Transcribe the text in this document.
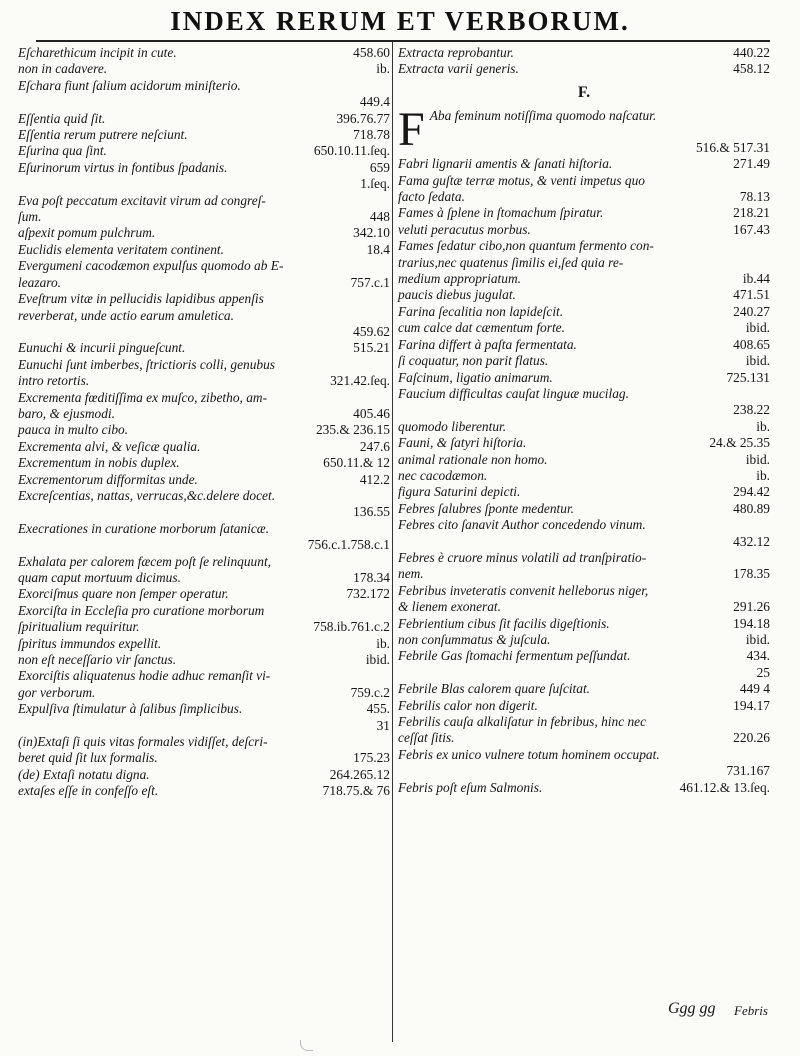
INDEX RERUM ET VERBORUM.
Eſcharethicum incipit in cute.	458.60
non in cadavere.	ib.
Eſchara fiunt ſalium acidorum miniſterio.
449.4
Eſſentia quid ſit.	396.76.77
Eſſentia rerum putrere neſciunt.	718.78
Eſurina qua ſint.	650.10.11.ſeq.
Eſurinorum virtus in fontibus ſpadanis.	659
1.ſeq.
Eva poſt peccatum excitavit virum ad congreſ-
ſum.	448
aſpexit pomum pulchrum.	342.10
Euclidis elementa veritatem continent.	18.4
Evergumeni cacodæmon expulſus quomodo ab E-
leazaro.	757.c.1
Eveſtrum vitæ in pellucidis lapidibus appenſis
reverberat, unde actio earum amuletica.
459.62
Eunuchi & incurii pingueſcunt.	515.21
Eunuchi ſunt imberbes, ſtrictioris colli, genubus
intro retortis.	321.42.ſeq.
Excrementa fœditiſſima ex muſco, zibetho, am-
baro, & ejusmodi.	405.46
pauca in multo cibo.	235.& 236.15
Excrementa alvi, & veſicæ qualia.	247.6
Excrementum in nobis duplex.	650.11.& 12
Excrementorum difformitas unde.	412.2
Excreſcentias, nattas, verrucas,&c.delere docet.
136.55
Execrationes in curatione morborum ſatanicæ.
756.c.1.758.c.1
Exhalata per calorem fæcem poſt ſe relinquunt,
quam caput mortuum dicimus.	178.34
Exorciſmus quare non ſemper operatur.	732.172
Exorciſta in Eccleſia pro curatione morborum
ſpiritualium requiritur.	758.ib.761.c.2
ſpiritus immundos expellit.	ib.
non eſt neceſſario vir ſanctus.	ibid.
Exorciſtis aliquatenus hodie adhuc remanſit vi-
gor verborum.	759.c.2
Expulſiva ſtimulatur à ſalibus ſimplicibus.	455.
31
(in)Extaſi ſi quis vitas formales vidiſſet, deſcri-
beret quid ſit lux formalis.	175.23
(de) Extaſi notatu digna.	264.265.12
extaſes eſſe in confeſſo eſt.	718.75.& 76
Extracta reprobantur.	440.22
Extracta varii generis.	458.12
F.
F Aba feminum notiſſima quomodo naſcatur.
516.& 517.31
Fabri lignarii amentis & ſanati hiſtoria.	271.49
Fama guſtæ terræ motus, & venti impetus quo
facto ſedata.	78.13
Fames à ſplene in ſtomachum ſpiratur.	218.21
veluti peracutus morbus.	167.43
Fames ſedatur cibo,non quantum fermento con-
trarius,nec quatenus ſimilis ei,ſed quia re-
medium appropriatum.	ib.44
paucis diebus jugulat.	471.51
Farina ſecalitia non lapideſcit.	240.27
cum calce dat cæmentum forte.	ibid.
Farina differt à paſta fermentata.	408.65
ſi coquatur, non parit flatus.	ibid.
Faſcinum, ligatio animarum.	725.131
Faucium difficultas cauſat linguæ mucilag.
238.22
quomodo liberentur.	ib.
Fauni, & ſatyri hiſtoria.	24.& 25.35
animal rationale non homo.	ibid.
nec cacodæmon.	ib.
figura Saturini depicti.	294.42
Febres ſalubres ſponte medentur.	480.89
Febres cito ſanavit Author concedendo vinum.
432.12
Febres è cruore minus volatili ad tranſpiratio-
nem.	178.35
Febribus inveteratis convenit helleborus niger,
& lienem exonerat.	291.26
Febrientium cibus ſit facilis digeſtionis.	194.18
non conſummatus & juſcula.	ibid.
Febrile Gas ſtomachi fermentum peſſundat.	434.
25
Febrile Blas calorem quare ſuſcitat.	449 4
Febrilis calor non digerit.	194.17
Febrilis cauſa alkaliſatur in febribus, hinc nec
ceſſat ſitis.	220.26
Febris ex unico vulnere totum hominem occupat.
731.167
Febris poſt eſum Salmonis.	461.12.& 13.ſeq.
Ggg gg Febris
